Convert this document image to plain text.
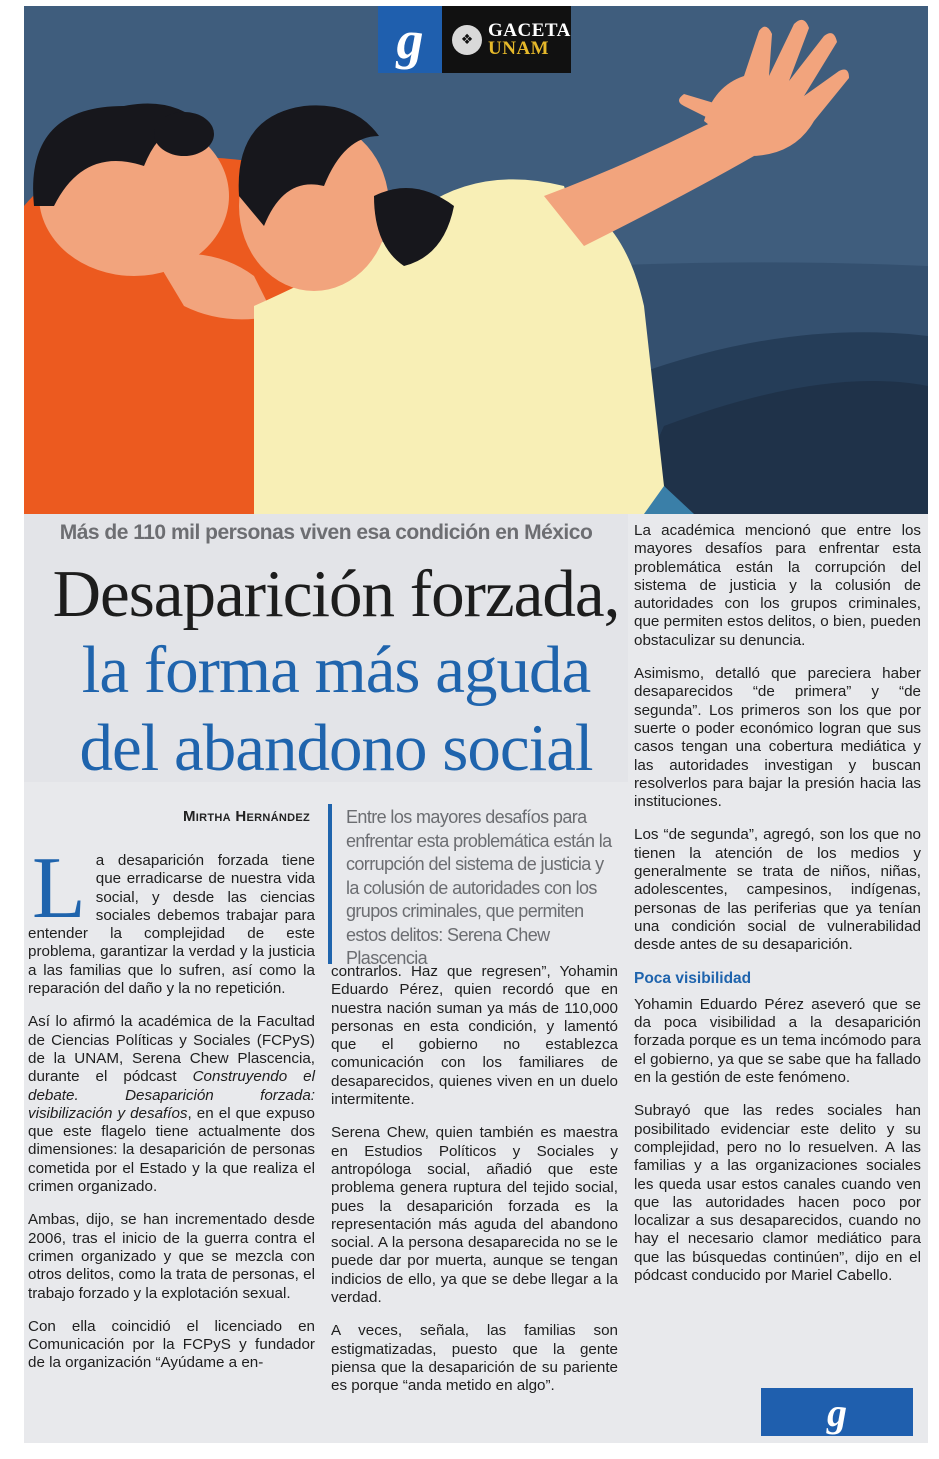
g	❖ GACETA
UNAM
Más de 110 mil personas viven esa condición en México
Desaparición forzada,
la forma más aguda
del abandono social
Mirtha Hernández Entre los mayores desafíos para enfrentar esta problemática están la corrupción del sistema de justicia y la colusión de autoridades con los grupos criminales, que permiten estos delitos: Serena Chew Plascencia

La desaparición forzada tiene que erradicarse de nuestra vida social, y desde las ciencias sociales debemos trabajar para entender la complejidad de este problema, garantizar la verdad y la justicia a las familias que lo sufren, así como la reparación del daño y la no repetición.

Así lo afirmó la académica de la Facultad de Ciencias Políticas y Sociales (FCPyS) de la UNAM, Serena Chew Plascencia, durante el pódcast Construyendo el debate. Desaparición forzada: visibilización y desafíos, en el que expuso que este flagelo tiene actualmente dos dimensiones: la desaparición de personas cometida por el Estado y la que realiza el crimen organizado.

Ambas, dijo, se han incrementado desde 2006, tras el inicio de la guerra contra el crimen organizado y que se mezcla con otros delitos, como la trata de personas, el trabajo forzado y la explotación sexual.

Con ella coincidió el licenciado en Comunicación por la FCPyS y fundador de la organización “Ayúdame a en-

contrarlos. Haz que regresen”, Yohamin Eduardo Pérez, quien recordó que en nuestra nación suman ya más de 110,000 personas en esta condición, y lamentó que el gobierno no establezca comunicación con los familiares de desaparecidos, quienes viven en un duelo intermitente.

Serena Chew, quien también es maestra en Estudios Políticos y Sociales y antropóloga social, añadió que este problema genera ruptura del tejido social, pues la desaparición forzada es la representación más aguda del abandono social. A la persona desaparecida no se le puede dar por muerta, aunque se tengan indicios de ello, ya que se debe llegar a la verdad.

A veces, señala, las familias son estigmatizadas, puesto que la gente piensa que la desaparición de su pariente es porque “anda metido en algo”.

La académica mencionó que entre los mayores desafíos para enfrentar esta problemática están la corrupción del sistema de justicia y la colusión de autoridades con los grupos criminales, que permiten estos delitos, o bien, pueden obstaculizar su denuncia.

Asimismo, detalló que pareciera haber desaparecidos “de primera” y “de segunda”. Los primeros son los que por suerte o poder económico logran que sus casos tengan una cobertura mediática y las autoridades investigan y buscan resolverlos para bajar la presión hacia las instituciones.

Los “de segunda”, agregó, son los que no tienen la atención de los medios y generalmente se trata de niños, niñas, adolescentes, campesinos, indígenas, personas de las periferias que ya tenían una condición social de vulnerabilidad desde antes de su desaparición.

Poca visibilidad

Yohamin Eduardo Pérez aseveró que se da poca visibilidad a la desaparición forzada porque es un tema incómodo para el gobierno, ya que se sabe que ha fallado en la gestión de este fenómeno.

Subrayó que las redes sociales han posibilitado evidenciar este delito y su complejidad, pero no lo resuelven. A las familias y a las organizaciones sociales les queda usar estos canales cuando ven que las autoridades hacen poco por localizar a sus desaparecidos, cuando no hay el necesario clamor mediático para que las búsquedas continúen”, dijo en el pódcast conducido por Mariel Cabello.

g
